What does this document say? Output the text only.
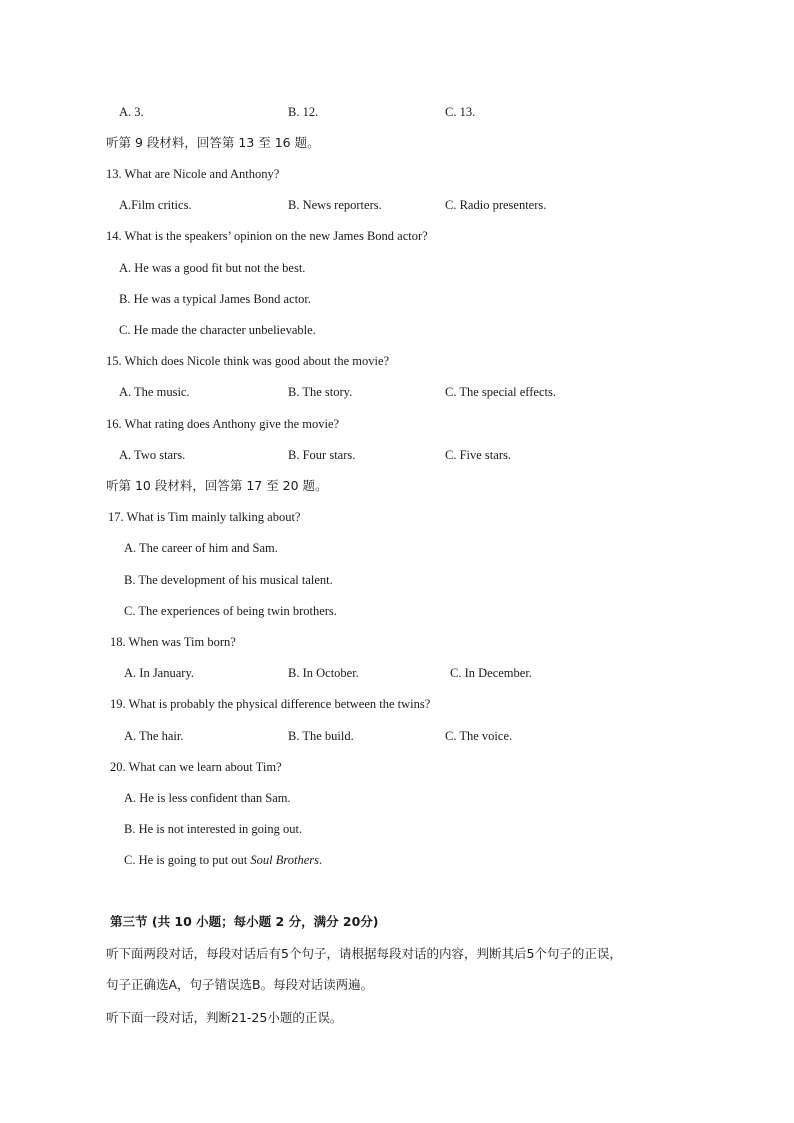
A. 3.	B. 12.	C. 13.
听第 9 段材料，回答第 13 至 16 题。
13. What are Nicole and Anthony?
A.Film critics.	B. News reporters.	C. Radio presenters.
14. What is the speakers’ opinion on the new James Bond actor?
A. He was a good fit but not the best.
B. He was a typical James Bond actor.
C. He made the character unbelievable.
15. Which does Nicole think was good about the movie?
A. The music.	B. The story.	C. The special effects.
16. What rating does Anthony give the movie?
A. Two stars.	B. Four stars.	C. Five stars.
听第 10 段材料，回答第 17 至 20 题。
17. What is Tim mainly talking about?
A. The career of him and Sam.
B. The development of his musical talent.
C. The experiences of being twin brothers.
18. When was Tim born?
A. In January.	B. In October.	C. In December.
19. What is probably the physical difference between the twins?
A. The hair.	B. The build.	C. The voice.
20. What can we learn about Tim?
A. He is less confident than Sam.
B. He is not interested in going out.
C. He is going to put out Soul Brothers.
第三节 (共 10 小题；每小题 2 分，满分 20分)
听下面两段对话，每段对话后有5个句子，请根据每段对话的内容，判断其后5个句子的正误，
句子正确选A，句子错误选B。每段对话读两遍。
听下面一段对话，判断21-25小题的正误。
